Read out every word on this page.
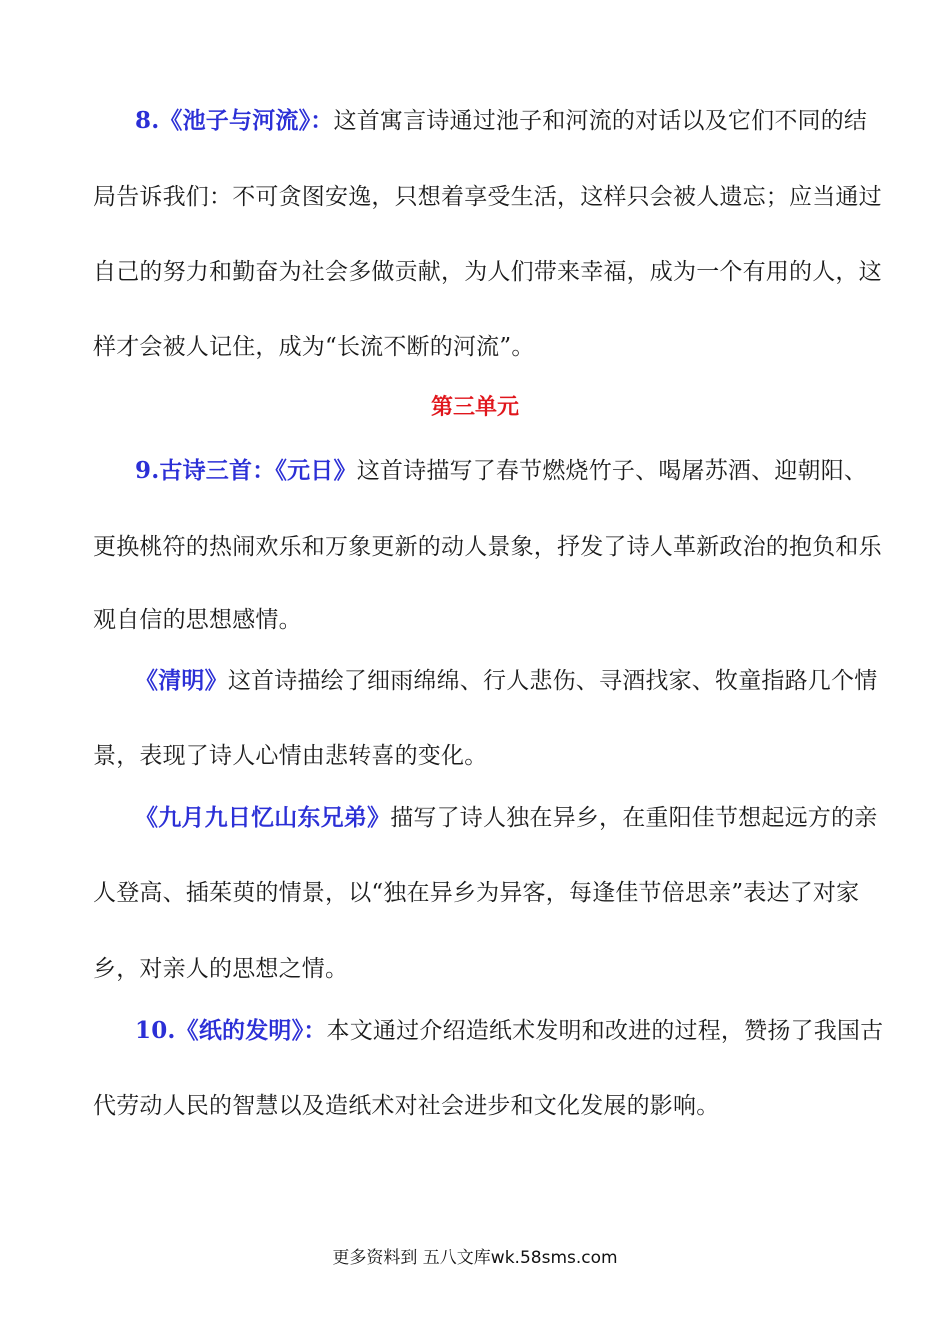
8.《池子与河流》：这首寓言诗通过池子和河流的对话以及它们不同的结
局告诉我们：不可贪图安逸，只想着享受生活，这样只会被人遗忘；应当通过
自己的努力和勤奋为社会多做贡献，为人们带来幸福，成为一个有用的人，这
样才会被人记住，成为“长流不断的河流”。
第三单元
9.古诗三首：《元日》这首诗描写了春节燃烧竹子、喝屠苏酒、迎朝阳、
更换桃符的热闹欢乐和万象更新的动人景象，抒发了诗人革新政治的抱负和乐
观自信的思想感情。
《清明》这首诗描绘了细雨绵绵、行人悲伤、寻酒找家、牧童指路几个情
景，表现了诗人心情由悲转喜的变化。
《九月九日忆山东兄弟》描写了诗人独在异乡，在重阳佳节想起远方的亲
人登高、插茱萸的情景，以“独在异乡为异客，每逢佳节倍思亲”表达了对家
乡，对亲人的思想之情。
10.《纸的发明》：本文通过介绍造纸术发明和改进的过程，赞扬了我国古
代劳动人民的智慧以及造纸术对社会进步和文化发展的影响。
更多资料到 五八文库wk.58sms.com
